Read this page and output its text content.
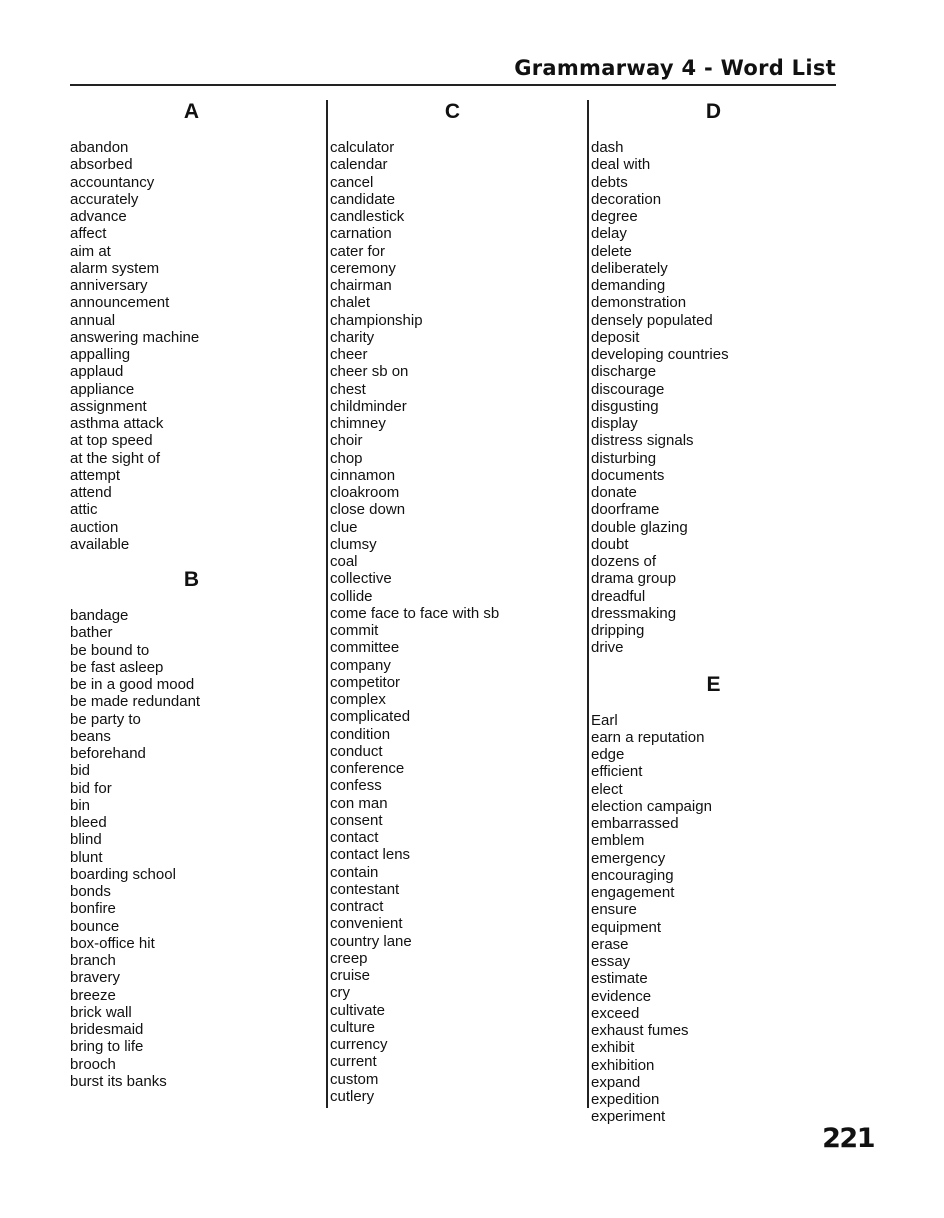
Grammarway 4 - Word List
A
abandon
absorbed
accountancy
accurately
advance
affect
aim at
alarm system
anniversary
announcement
annual
answering machine
appalling
applaud
appliance
assignment
asthma attack
at top speed
at the sight of
attempt
attend
attic
auction
available
B
bandage
bather
be bound to
be fast asleep
be in a good mood
be made redundant
be party to
beans
beforehand
bid
bid for
bin
bleed
blind
blunt
boarding school
bonds
bonfire
bounce
box-office hit
branch
bravery
breeze
brick wall
bridesmaid
bring to life
brooch
burst its banks
C
calculator
calendar
cancel
candidate
candlestick
carnation
cater for
ceremony
chairman
chalet
championship
charity
cheer
cheer sb on
chest
childminder
chimney
choir
chop
cinnamon
cloakroom
close down
clue
clumsy
coal
collective
collide
come face to face with sb
commit
committee
company
competitor
complex
complicated
condition
conduct
conference
confess
con man
consent
contact
contact lens
contain
contestant
contract
convenient
country lane
creep
cruise
cry
cultivate
culture
currency
current
custom
cutlery
D
dash
deal with
debts
decoration
degree
delay
delete
deliberately
demanding
demonstration
densely populated
deposit
developing countries
discharge
discourage
disgusting
display
distress signals
disturbing
documents
donate
doorframe
double glazing
doubt
dozens of
drama group
dreadful
dressmaking
dripping
drive
E
Earl
earn a reputation
edge
efficient
elect
election campaign
embarrassed
emblem
emergency
encouraging
engagement
ensure
equipment
erase
essay
estimate
evidence
exceed
exhaust fumes
exhibit
exhibition
expand
expedition
experiment
221
